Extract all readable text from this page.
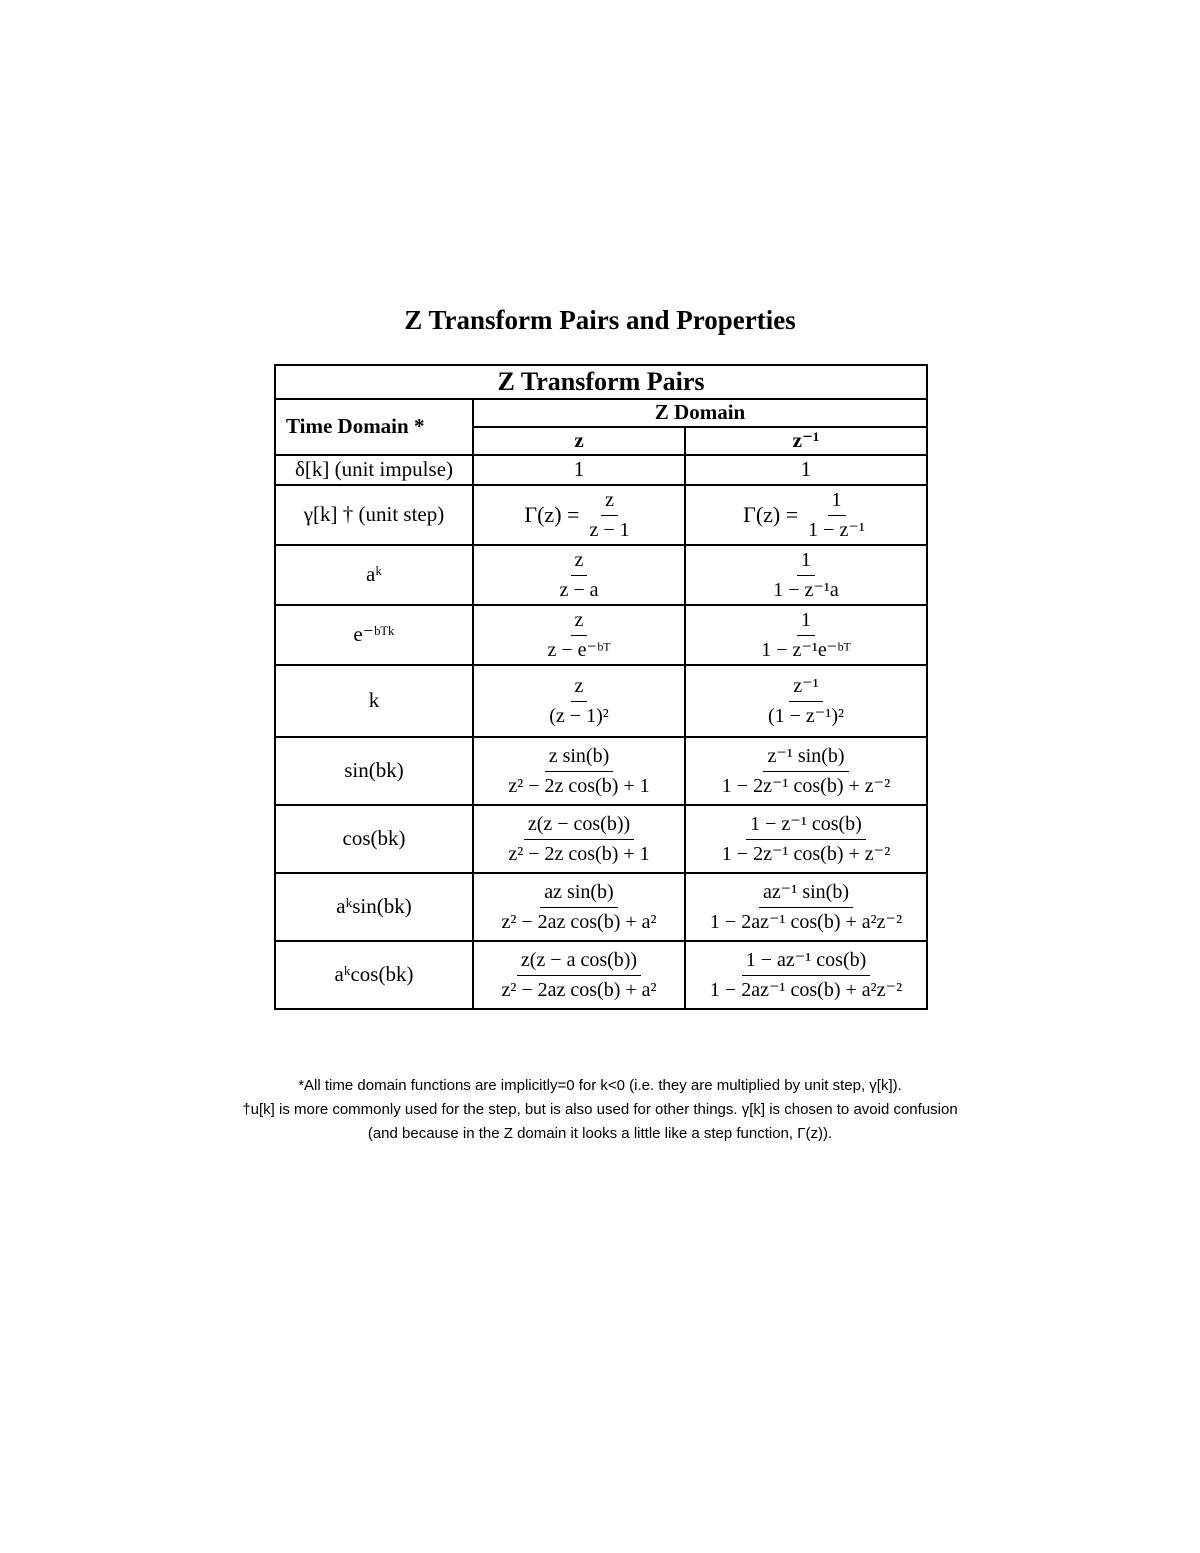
Z Transform Pairs and Properties
Z Transform Pairs		
Time Domain *	Z Domain	
	z	z⁻¹
δ[k] (unit impulse)	1	1

γ[k] † (unit step)	$\Gamma(z) = \frac{z}{z - 1}$	$\Gamma(z) = \frac{1}{\text{1 − z⁻¹}}$

aᵏ	$\frac{z}{z - a}$	$\frac{1}{\text{1 − z⁻¹a}}$

e⁻ᵇᵀᵏ	$\frac{z}{\text{z − e⁻ᵇᵀ}}$	$\frac{1}{\text{1 − z⁻¹e⁻ᵇᵀ}}$

k	$\frac{z}{\text{(z − 1)²}}$	$\frac{\text{z⁻¹}}{\text{(1 − z⁻¹)²}}$

sin(bk)	$\frac{\text{z sin(b)}}{\text{z² − 2z cos(b) + 1}}$	$\frac{\text{z⁻¹ sin(b)}}{\text{1 − 2z⁻¹ cos(b) + z⁻²}}$

cos(bk)	$\frac{z(z - \cos(b))}{\text{z² − 2z cos(b) + 1}}$	$\frac{\text{1 − z⁻¹ cos(b)}}{\text{1 − 2z⁻¹ cos(b) + z⁻²}}$

aᵏsin(bk)	$\frac{\text{az sin(b)}}{\text{z² − 2az cos(b) + a²}}$	$\frac{\text{az⁻¹ sin(b)}}{\text{1 − 2az⁻¹ cos(b) + a²z⁻²}}$

aᵏcos(bk)	$\frac{\text{z(z − a cos(b))}}{\text{z² − 2az cos(b) + a²}}$	$\frac{\text{1 − az⁻¹ cos(b)}}{\text{1 − 2az⁻¹ cos(b) + a²z⁻²}}$

*All time domain functions are implicitly=0 for k<0 (i.e. they are multiplied by unit step, γ[k]).

†u[k] is more commonly used for the step, but is also used for other things. γ[k] is chosen to avoid confusion

(and because in the Z domain it looks a little like a step function, Γ(z)).
